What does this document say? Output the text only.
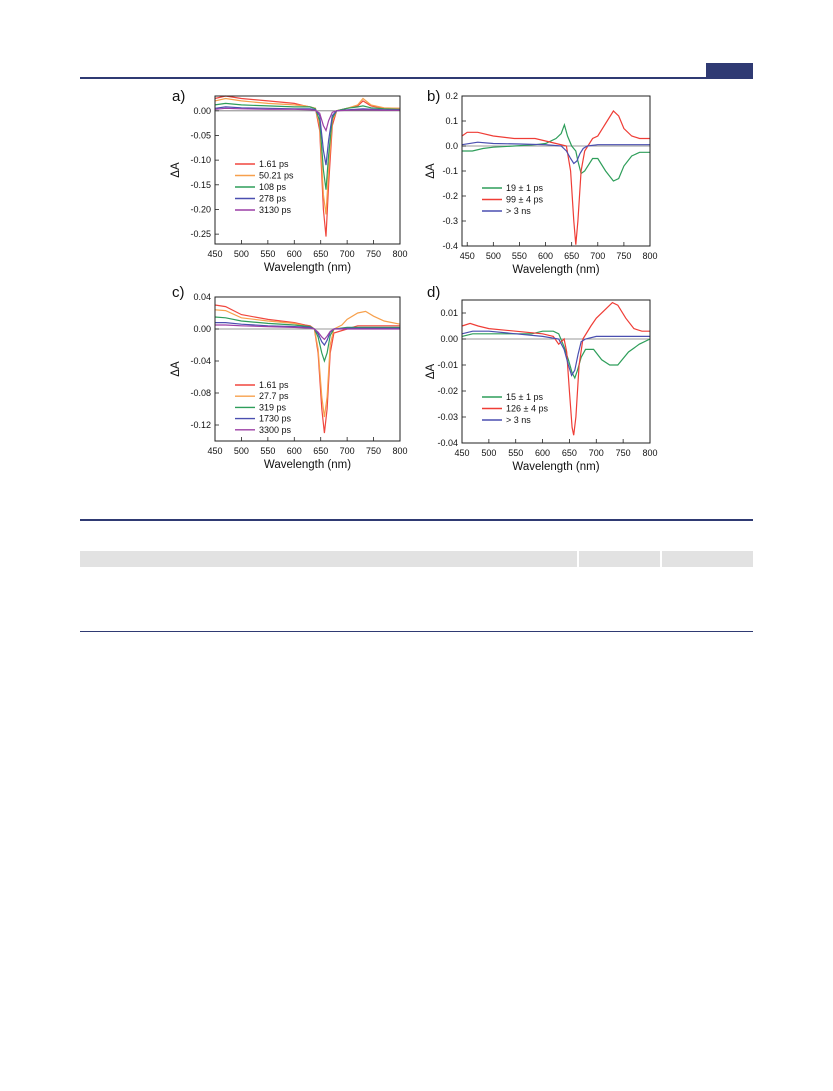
a)
450 500 550 600 650 700 750 800
0.00
-0.05
-0.10
-0.15
-0.20
-0.25
Wavelength (nm)
ΔA	1.61 ps
50.21 ps
108 ps
278 ps
3130 ps
b)
450 500 550 600 650 700 750 800
0.2
0.1
0.0
-0.1
-0.2
-0.3
-0.4
Wavelength (nm)
ΔA
19 ± 1 ps
99 ± 4 ps
> 3 ns
c)
450 500 550 600 650 700 750 800
0.04
0.00
-0.04
-0.08
-0.12
Wavelength (nm)
ΔA
1.61 ps
27.7 ps
319 ps
1730 ps
3300 ps
d)
450 500 550 600 650 700 750 800
0.01
0.00
-0.01
-0.02
-0.03
-0.04
Wavelength (nm)
ΔA
15 ± 1 ps
126 ± 4 ps
> 3 ns
